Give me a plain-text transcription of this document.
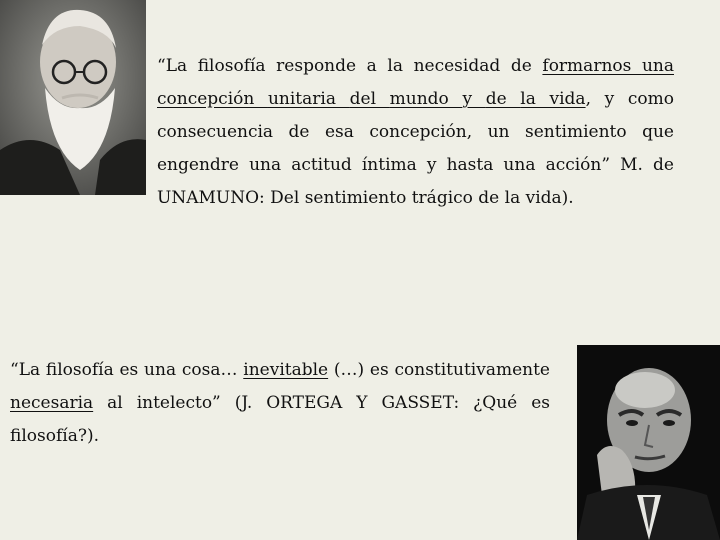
“La filosofía responde a la necesidad de formarnos una concepción unitaria del mundo y de la vida, y como consecuencia de esa concepción, un sentimiento que engendre una actitud íntima y hasta una acción” M. de UNAMUNO: Del sentimiento trágico de la vida).

“La filosofía es una cosa… inevitable (…) es constitutivamente necesaria al intelecto” (J. ORTEGA Y GASSET: ¿Qué es filosofía?).
